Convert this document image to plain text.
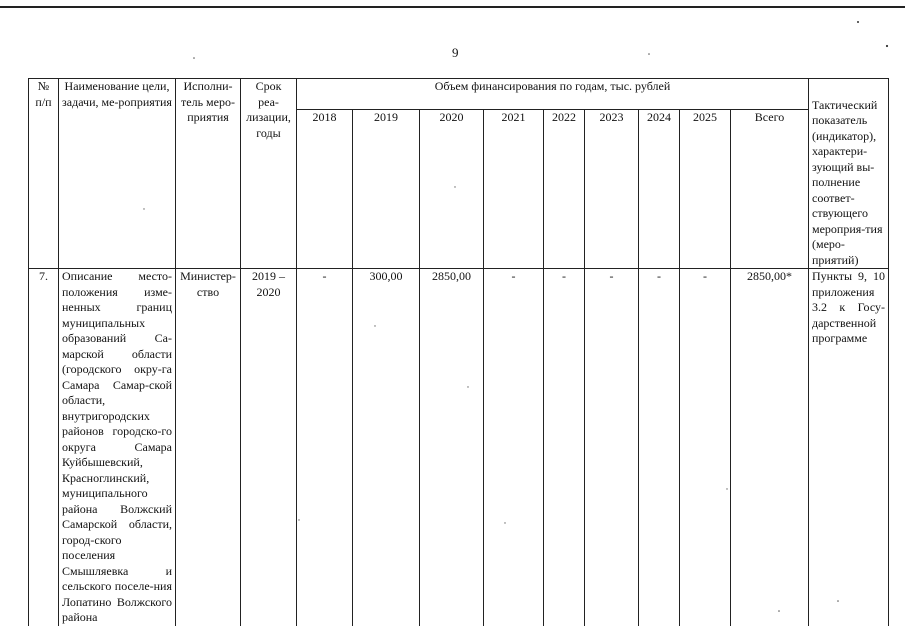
9
№ п/п	Наименование цели, задачи, ме-роприятия	Исполни-тель меро-приятия	Срок реа-лизации, годы	Объем финансирования по годам, тыс. рублей									Тактический показатель (индикатор), характери-зующий вы-полнение соответ-ствующего мероприя-тия (меро-приятий)
				2018	2019	2020	2021	2022	2023	2024	2025	Всего	
7.	Описание место-положения изме-ненных границ муниципальных образований Са-марской области (городского окру-га Самара Самар-ской области, внутригородских районов городско-го округа Самара Куйбышевский, Красноглинский, муниципального района Волжский Самарской области, город-ского поселения Смышляевка и сельского поселе-ния Лопатино Волжского района	Министер-ство	2019 – 2020	-	300,00	2850,00	-	-	-	-	-	2850,00*	Пункты 9, 10 приложения 3.2 к Госу-дарственной программе
